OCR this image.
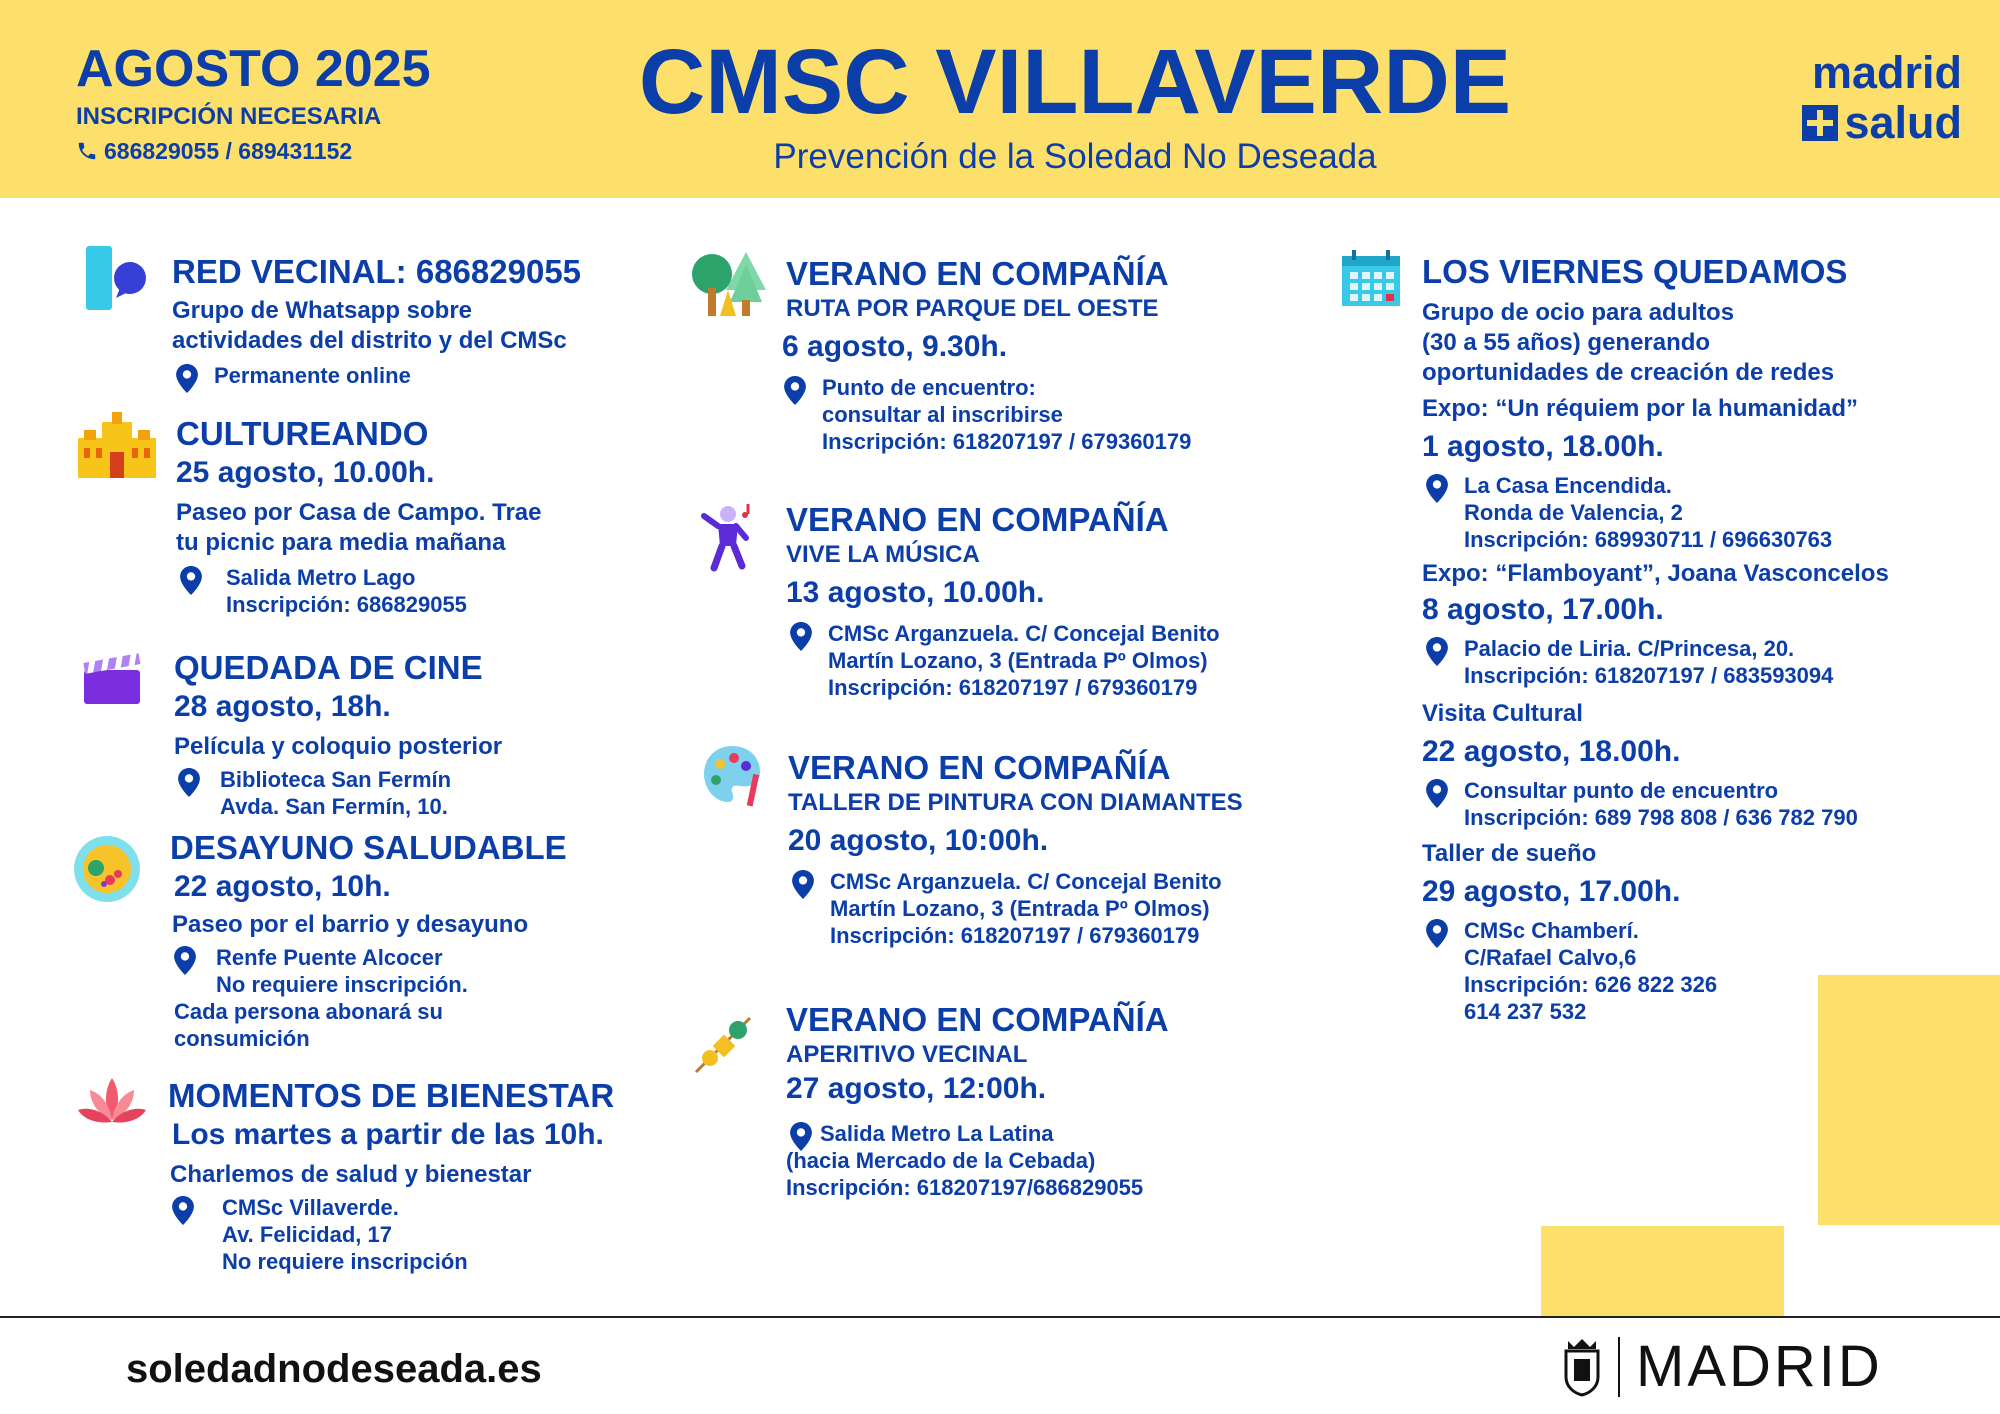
AGOSTO 2025
INSCRIPCIÓN NECESARIA
686829055 / 689431152
CMSC VILLAVERDE
Prevención de la Soledad No Deseada
madrid
salud
RED VECINAL: 686829055
Grupo de Whatsapp sobre
actividades del distrito y del CMSc
Permanente online
CULTUREANDO
25 agosto, 10.00h.
Paseo por Casa de Campo. Trae
tu picnic para media mañana
Salida Metro Lago
Inscripción: 686829055
QUEDADA DE CINE
28 agosto, 18h.
Película y coloquio posterior
Biblioteca San Fermín
Avda. San Fermín, 10.
DESAYUNO SALUDABLE
22 agosto, 10h.
Paseo por el barrio y desayuno
Renfe Puente Alcocer
No requiere inscripción.
Cada persona abonará su
consumición
MOMENTOS DE BIENESTAR
Los martes a partir de las 10h.
Charlemos de salud y bienestar
CMSc Villaverde.
Av. Felicidad, 17
No requiere inscripción
VERANO EN COMPAÑÍA
RUTA POR PARQUE DEL OESTE
6 agosto, 9.30h.
Punto de encuentro:
consultar al inscribirse
Inscripción: 618207197 / 679360179
VERANO EN COMPAÑÍA
VIVE LA MÚSICA
13 agosto, 10.00h.
CMSc Arganzuela. C/ Concejal Benito
Martín Lozano, 3 (Entrada Pº Olmos)
Inscripción: 618207197 / 679360179
VERANO EN COMPAÑÍA
TALLER DE PINTURA CON DIAMANTES
20 agosto, 10:00h.
CMSc Arganzuela. C/ Concejal Benito
Martín Lozano, 3 (Entrada Pº Olmos)
Inscripción: 618207197 / 679360179
VERANO EN COMPAÑÍA
APERITIVO VECINAL
27 agosto, 12:00h.
Salida Metro La Latina
(hacia Mercado de la Cebada)
Inscripción: 618207197/686829055
LOS VIERNES QUEDAMOS
Grupo de ocio para adultos
(30 a 55 años) generando
oportunidades de creación de redes
Expo: “Un réquiem por la humanidad”
1 agosto, 18.00h.
La Casa Encendida.
Ronda de Valencia, 2
Inscripción: 689930711 / 696630763
Expo: “Flamboyant”, Joana Vasconcelos
8 agosto, 17.00h.
Palacio de Liria. C/Princesa, 20.
Inscripción: 618207197 / 683593094
Visita Cultural
22 agosto, 18.00h.
Consultar punto de encuentro
Inscripción: 689 798 808 / 636 782 790
Taller de sueño
29 agosto, 17.00h.
CMSc Chamberí.
C/Rafael Calvo,6
Inscripción: 626 822 326
614 237 532
soledadnodeseada.es	MADRID
